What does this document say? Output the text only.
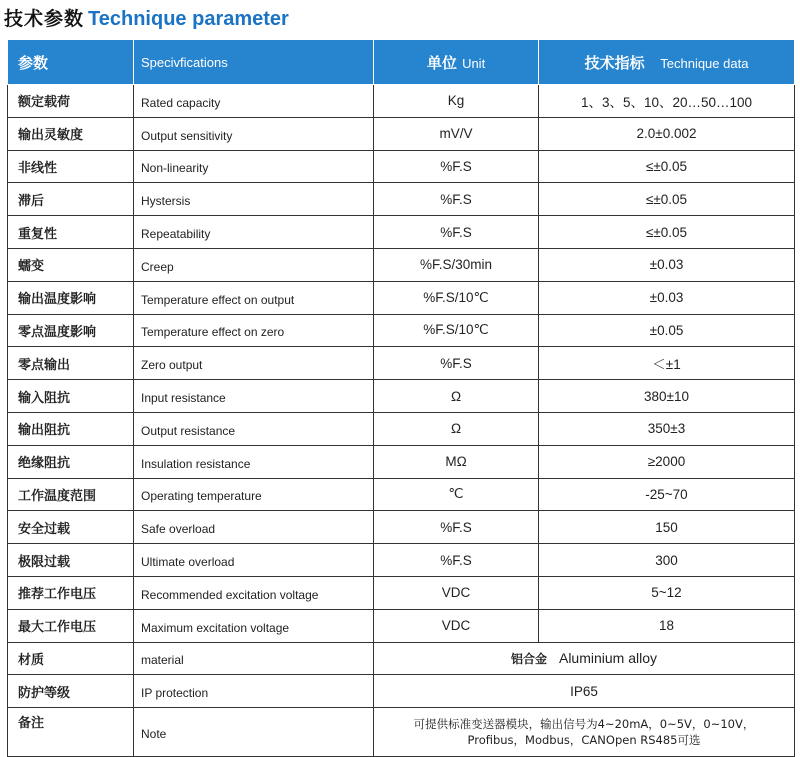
技术参数 Technique parameter
参数	Specivfications	单位 Unit	技术指标 Technique data
额定载荷	Rated capacity	Kg	1、3、5、10、20…50…100
输出灵敏度	Output sensitivity	mV/V	2.0±0.002
非线性	Non-linearity	%F.S	≤±0.05
滞后	Hystersis	%F.S	≤±0.05
重复性	Repeatability	%F.S	≤±0.05
蠕变	Creep	%F.S/30min	±0.03
输出温度影响	Temperature effect on output	%F.S/10℃	±0.03
零点温度影响	Temperature effect on zero	%F.S/10℃	±0.05
零点输出	Zero output	%F.S	＜±1
输入阻抗	Input resistance	Ω	380±10
输出阻抗	Output resistance	Ω	350±3
绝缘阻抗	Insulation resistance	MΩ	≥2000
工作温度范围	Operating temperature	℃	-25~70
安全过载	Safe overload	%F.S	150
极限过载	Ultimate overload	%F.S	300
推荐工作电压	Recommended excitation voltage	VDC	5~12
最大工作电压	Maximum excitation voltage	VDC	18
材质	material	铝合金 Aluminium alloy	
防护等级	IP protection	IP65	
备注	Note	可提供标准变送器模块，输出信号为4~20mA，0~5V，0~10V，
Profibus，Modbus，CANOpen RS485可选	
